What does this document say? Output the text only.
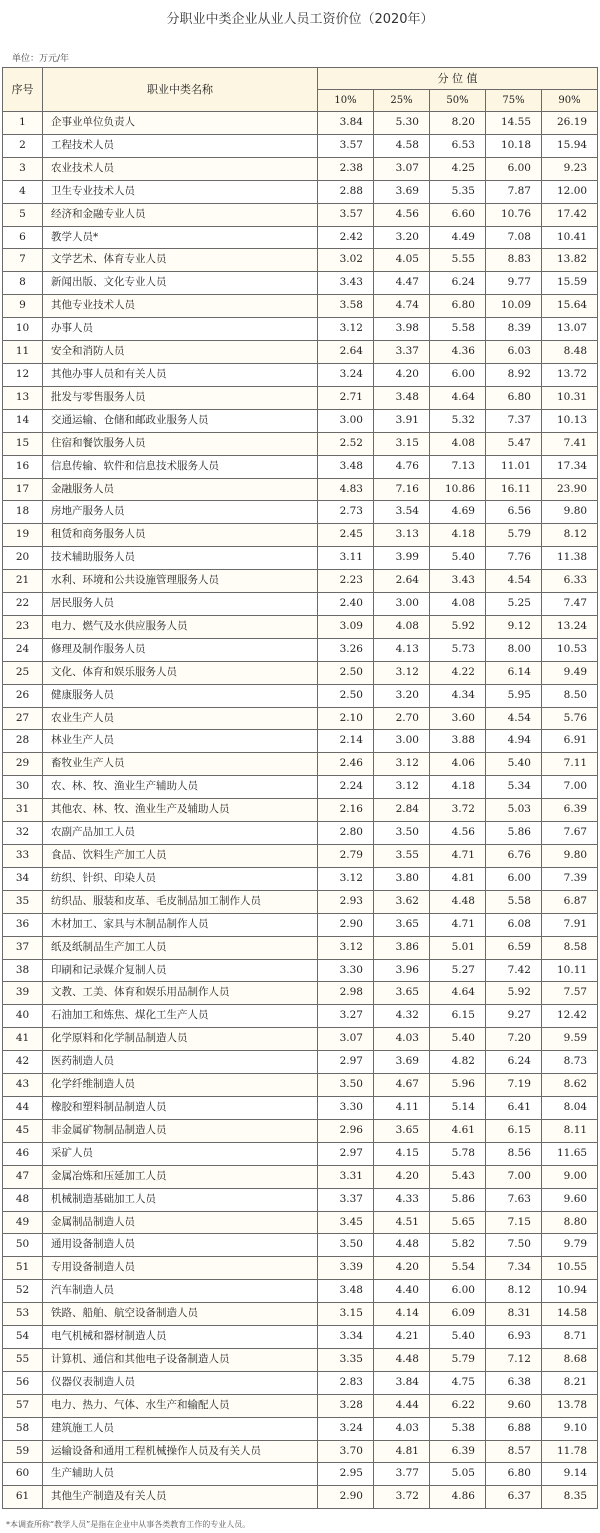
分职业中类企业从业人员工资价位（2020年）
单位：万元/年
序号	职业中类名称	分 位 值				
		10%	25%	50%	75%	90%
1	企事业单位负责人	3.84	5.30	8.20	14.55	26.19
2	工程技术人员	3.57	4.58	6.53	10.18	15.94
3	农业技术人员	2.38	3.07	4.25	6.00	9.23
4	卫生专业技术人员	2.88	3.69	5.35	7.87	12.00
5	经济和金融专业人员	3.57	4.56	6.60	10.76	17.42
6	教学人员*	2.42	3.20	4.49	7.08	10.41
7	文学艺术、体育专业人员	3.02	4.05	5.55	8.83	13.82
8	新闻出版、文化专业人员	3.43	4.47	6.24	9.77	15.59
9	其他专业技术人员	3.58	4.74	6.80	10.09	15.64
10	办事人员	3.12	3.98	5.58	8.39	13.07
11	安全和消防人员	2.64	3.37	4.36	6.03	8.48
12	其他办事人员和有关人员	3.24	4.20	6.00	8.92	13.72
13	批发与零售服务人员	2.71	3.48	4.64	6.80	10.31
14	交通运输、仓储和邮政业服务人员	3.00	3.91	5.32	7.37	10.13
15	住宿和餐饮服务人员	2.52	3.15	4.08	5.47	7.41
16	信息传输、软件和信息技术服务人员	3.48	4.76	7.13	11.01	17.34
17	金融服务人员	4.83	7.16	10.86	16.11	23.90
18	房地产服务人员	2.73	3.54	4.69	6.56	9.80
19	租赁和商务服务人员	2.45	3.13	4.18	5.79	8.12
20	技术辅助服务人员	3.11	3.99	5.40	7.76	11.38
21	水利、环境和公共设施管理服务人员	2.23	2.64	3.43	4.54	6.33
22	居民服务人员	2.40	3.00	4.08	5.25	7.47
23	电力、燃气及水供应服务人员	3.09	4.08	5.92	9.12	13.24
24	修理及制作服务人员	3.26	4.13	5.73	8.00	10.53
25	文化、体育和娱乐服务人员	2.50	3.12	4.22	6.14	9.49
26	健康服务人员	2.50	3.20	4.34	5.95	8.50
27	农业生产人员	2.10	2.70	3.60	4.54	5.76
28	林业生产人员	2.14	3.00	3.88	4.94	6.91
29	畜牧业生产人员	2.46	3.12	4.06	5.40	7.11
30	农、林、牧、渔业生产辅助人员	2.24	3.12	4.18	5.34	7.00
31	其他农、林、牧、渔业生产及辅助人员	2.16	2.84	3.72	5.03	6.39
32	农副产品加工人员	2.80	3.50	4.56	5.86	7.67
33	食品、饮料生产加工人员	2.79	3.55	4.71	6.76	9.80
34	纺织、针织、印染人员	3.12	3.80	4.81	6.00	7.39
35	纺织品、服装和皮革、毛皮制品加工制作人员	2.93	3.62	4.48	5.58	6.87
36	木材加工、家具与木制品制作人员	2.90	3.65	4.71	6.08	7.91
37	纸及纸制品生产加工人员	3.12	3.86	5.01	6.59	8.58
38	印刷和记录媒介复制人员	3.30	3.96	5.27	7.42	10.11
39	文教、工美、体育和娱乐用品制作人员	2.98	3.65	4.64	5.92	7.57
40	石油加工和炼焦、煤化工生产人员	3.27	4.32	6.15	9.27	12.42
41	化学原料和化学制品制造人员	3.07	4.03	5.40	7.20	9.59
42	医药制造人员	2.97	3.69	4.82	6.24	8.73
43	化学纤维制造人员	3.50	4.67	5.96	7.19	8.62
44	橡胶和塑料制品制造人员	3.30	4.11	5.14	6.41	8.04
45	非金属矿物制品制造人员	2.96	3.65	4.61	6.15	8.11
46	采矿人员	2.97	4.15	5.78	8.56	11.65
47	金属冶炼和压延加工人员	3.31	4.20	5.43	7.00	9.00
48	机械制造基础加工人员	3.37	4.33	5.86	7.63	9.60
49	金属制品制造人员	3.45	4.51	5.65	7.15	8.80
50	通用设备制造人员	3.50	4.48	5.82	7.50	9.79
51	专用设备制造人员	3.39	4.20	5.54	7.34	10.55
52	汽车制造人员	3.48	4.40	6.00	8.12	10.94
53	铁路、船舶、航空设备制造人员	3.15	4.14	6.09	8.31	14.58
54	电气机械和器材制造人员	3.34	4.21	5.40	6.93	8.71
55	计算机、通信和其他电子设备制造人员	3.35	4.48	5.79	7.12	8.68
56	仪器仪表制造人员	2.83	3.84	4.75	6.38	8.21
57	电力、热力、气体、水生产和输配人员	3.28	4.44	6.22	9.60	13.78
58	建筑施工人员	3.24	4.03	5.38	6.88	9.10
59	运输设备和通用工程机械操作人员及有关人员	3.70	4.81	6.39	8.57	11.78
60	生产辅助人员	2.95	3.77	5.05	6.80	9.14
61	其他生产制造及有关人员	2.90	3.72	4.86	6.37	8.35
*本调查所称“教学人员”是指在企业中从事各类教育工作的专业人员。
